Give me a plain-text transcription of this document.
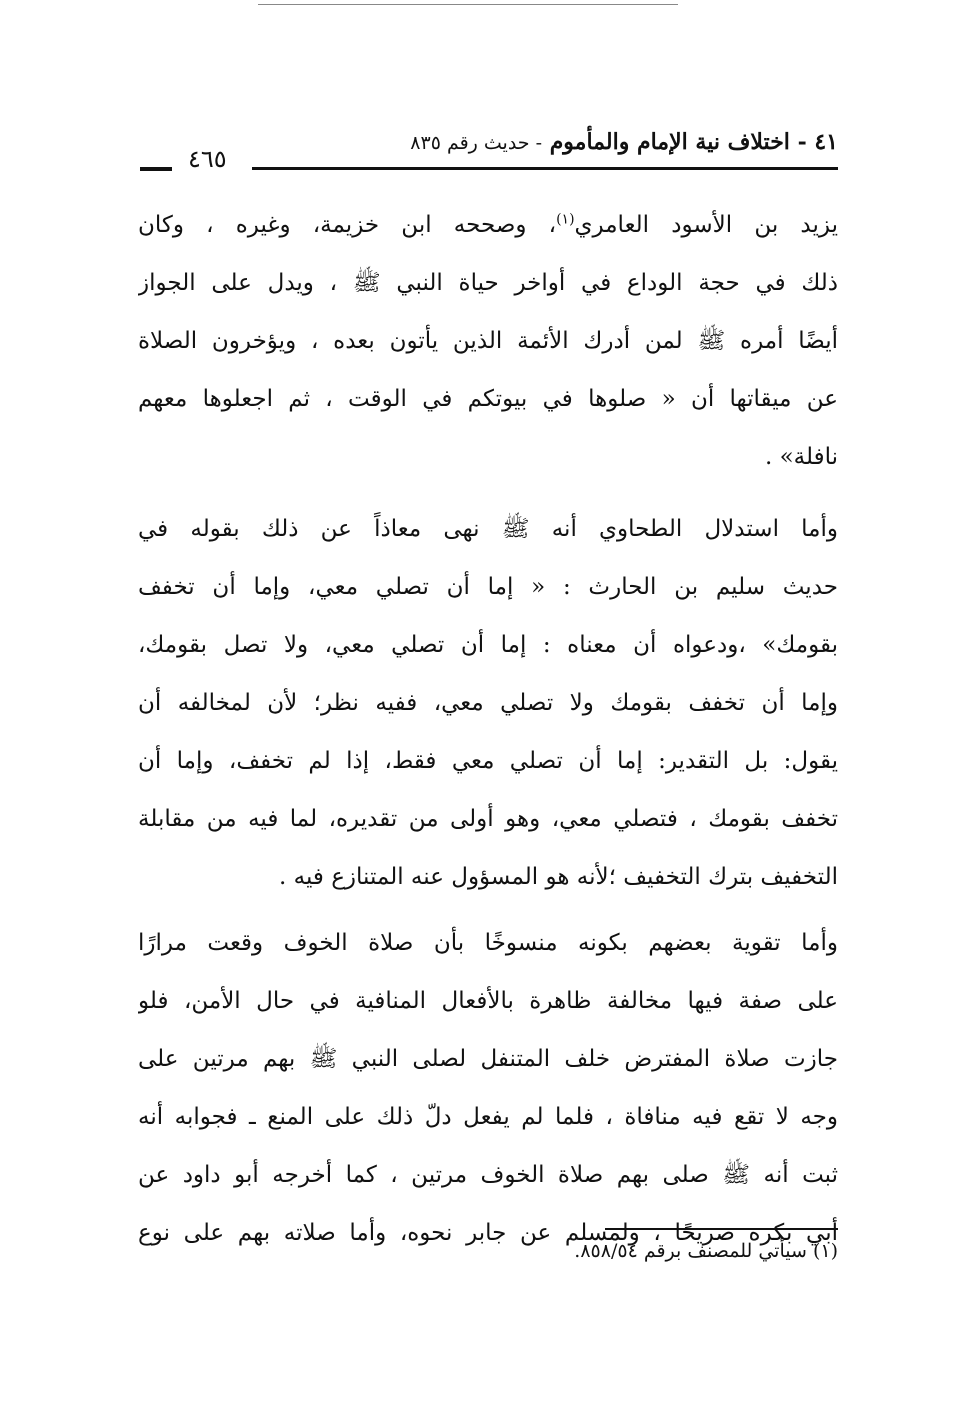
٤١ - اختلاف نية الإمام والمأموم - حديث رقم ٨٣٥
٤٦٥
يزيد بن الأسود العامري$^{(١)}$، وصححه ابن خزيمة، وغيره ، وكان
ذلك في حجة الوداع في أواخر حياة النبي ﷺ ، ويدل على الجواز
أيضًا أمره ﷺ لمن أدرك الأئمة الذين يأتون بعده ، ويؤخرون الصلاة
عن ميقاتها أن « صلوها في بيوتكم في الوقت ، ثم اجعلوها معهم
نافلة» .
وأما استدلال الطحاوي أنه ﷺ نهى معاذاً عن ذلك بقوله في
حديث سليم بن الحارث : « إما أن تصلي معي، وإما أن تخفف
بقومك» ،ودعواه أن معناه : إما أن تصلي معي، ولا تصل بقومك،
وإما أن تخفف بقومك ولا تصلي معي، ففيه نظر؛ لأن لمخالفه أن
يقول: بل التقدير: إما أن تصلي معي فقط، إذا لم تخفف، وإما أن
تخفف بقومك ، فتصلي معي، وهو أولى من تقديره، لما فيه من مقابلة
التخفيف بترك التخفيف ؛لأنه هو المسؤول عنه المتنازع فيه .
وأما تقوية بعضهم بكونه منسوخًا بأن صلاة الخوف وقعت مرارًا
على صفة فيها مخالفة ظاهرة بالأفعال المنافية في حال الأمن، فلو
جازت صلاة المفترض خلف المتنفل لصلى النبي ﷺ بهم مرتين على
وجه لا تقع فيه منافاة ، فلما لم يفعل دلّ ذلك على المنع ـ فجوابه أنه
ثبت أنه ﷺ صلى بهم صلاة الخوف مرتين ، كما أخرجه أبو داود عن
أبي بكرة صريحًا ، ولمسلم عن جابر نحوه، وأما صلاته بهم على نوع
(١) سيأتي للمصنف برقم ٨٥٨/٥٤.
